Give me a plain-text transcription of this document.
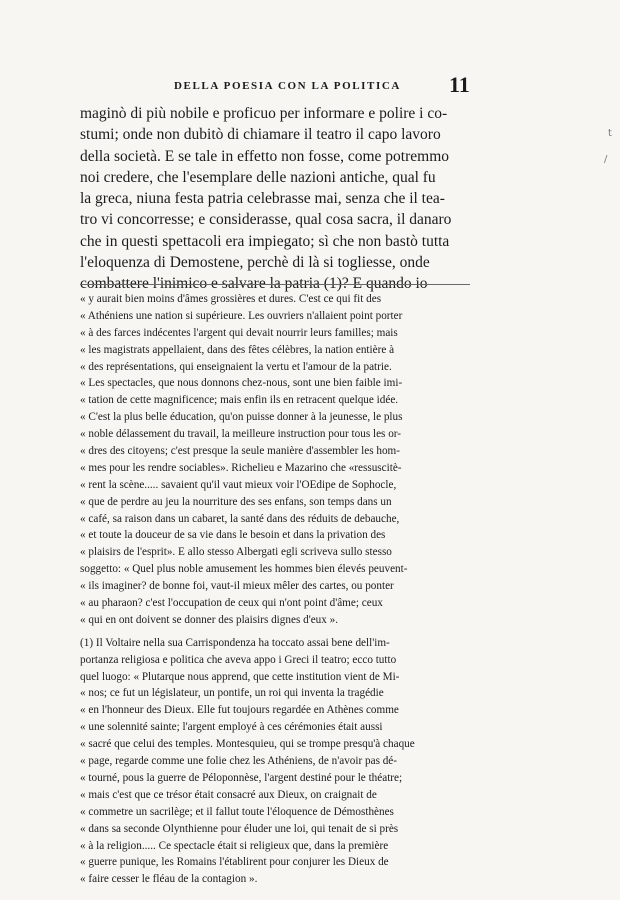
DELLA POESIA CON LA POLITICA 11
maginò di più nobile e proficuo per informare e polire i co-
stumi; onde non dubitò di chiamare il teatro il capo lavoro
della società. E se tale in effetto non fosse, come potremmo
noi credere, che l'esemplare delle nazioni antiche, qual fu
la greca, niuna festa patria celebrasse mai, senza che il tea-
tro vi concorresse; e considerasse, qual cosa sacra, il danaro
che in questi spettacoli era impiegato; sì che non bastò tutta
l'eloquenza di Demostene, perchè di là si togliesse, onde
combattere l'inimico e salvare la patria (1)? E quando io
« y aurait bien moins d'âmes grossières et dures. C'est ce qui fit des
« Athéniens une nation si supérieure. Les ouvriers n'allaient point porter
« à des farces indécentes l'argent qui devait nourrir leurs familles; mais
« les magistrats appellaient, dans des fêtes célèbres, la nation entière à
« des représentations, qui enseignaient la vertu et l'amour de la patrie.
« Les spectacles, que nous donnons chez-nous, sont une bien faible imi-
« tation de cette magnificence; mais enfin ils en retracent quelque idée.
« C'est la plus belle éducation, qu'on puisse donner à la jeunesse, le plus
« noble délassement du travail, la meilleure instruction pour tous les or-
« dres des citoyens; c'est presque la seule manière d'assembler les hom-
« mes pour les rendre sociables». Richelieu e Mazarino che «ressuscitè-
« rent la scène..... savaient qu'il vaut mieux voir l'OEdipe de Sophocle,
« que de perdre au jeu la nourriture des ses enfans, son temps dans un
« café, sa raison dans un cabaret, la santé dans des réduits de debauche,
« et toute la douceur de sa vie dans le besoin et dans la privation des
« plaisirs de l'esprit». E allo stesso Albergati egli scriveva sullo stesso
soggetto: « Quel plus noble amusement les hommes bien élevés peuvent-
« ils imaginer? de bonne foi, vaut-il mieux mêler des cartes, ou ponter
« au pharaon? c'est l'occupation de ceux qui n'ont point d'âme; ceux
« qui en ont doivent se donner des plaisirs dignes d'eux ».
(1) Il Voltaire nella sua Carrispondenza ha toccato assai bene dell'im-
portanza religiosa e politica che aveva appo i Greci il teatro; ecco tutto
quel luogo: « Plutarque nous apprend, que cette institution vient de Mi-
« nos; ce fut un législateur, un pontife, un roi qui inventa la tragédie
« en l'honneur des Dieux. Elle fut toujours regardée en Athènes comme
« une solennité sainte; l'argent employé à ces cérémonies était aussi
« sacré que celui des temples. Montesquieu, qui se trompe presqu'à chaque
« page, regarde comme une folie chez les Athéniens, de n'avoir pas dé-
« tourné, pous la guerre de Péloponnèse, l'argent destiné pour le théatre;
« mais c'est que ce trésor était consacré aux Dieux, on craignait de
« commetre un sacrilège; et il fallut toute l'éloquence de Démosthènes
« dans sa seconde Olynthienne pour éluder une loi, qui tenait de si près
« à la religion..... Ce spectacle était si religieux que, dans la première
« guerre punique, les Romains l'établirent pour conjurer les Dieux de
« faire cesser le fléau de la contagion ».
t
/
